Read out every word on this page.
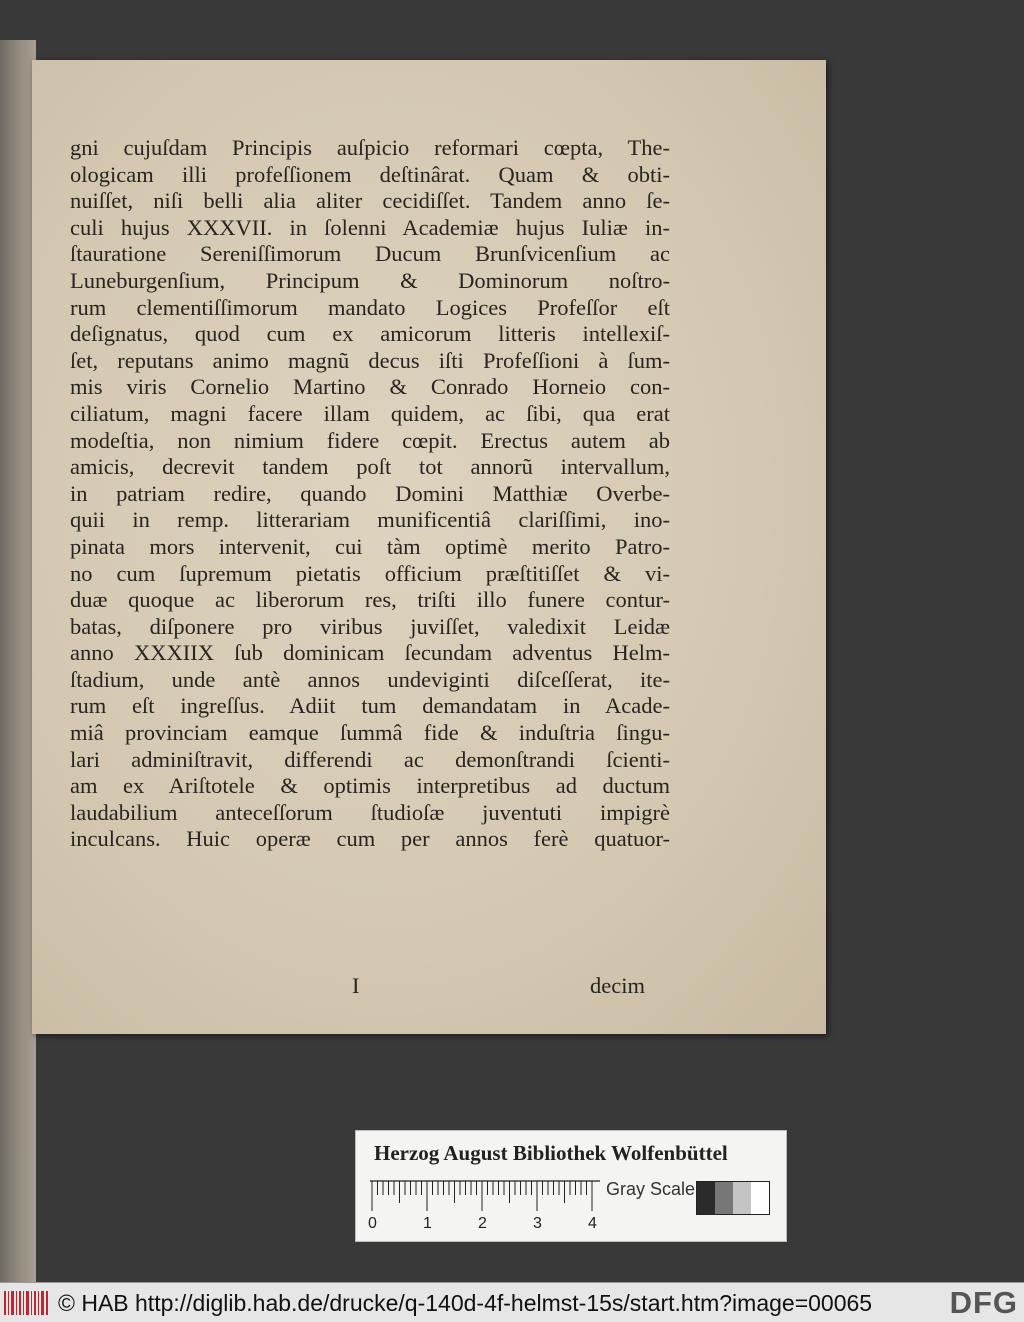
gni cujuſdam Principis auſpicio reformari cœpta, The-
ologicam illi profeſſionem deſtinârat. Quam & obti-
nuiſſet, niſi belli alia aliter cecidiſſet. Tandem anno ſe-
culi hujus XXXVII. in ſolenni Academiæ hujus Iuliæ in-
ſtauratione Sereniſſimorum Ducum Brunſvicenſium ac
Luneburgenſium, Principum & Dominorum noſtro-
rum clementiſſimorum mandato Logices Profeſſor eſt
deſignatus, quod cum ex amicorum litteris intellexiſ-
ſet, reputans animo magnũ decus iſti Profeſſioni à ſum-
mis viris Cornelio Martino & Conrado Horneio con-
ciliatum, magni facere illam quidem, ac ſibi, qua erat
modeſtia, non nimium fidere cœpit. Erectus autem ab
amicis, decrevit tandem poſt tot annorũ intervallum,
in patriam redire, quando Domini Matthiæ Overbe-
quii in remp. litterariam munificentiâ clariſſimi, ino-
pinata mors intervenit, cui tàm optimè merito Patro-
no cum ſupremum pietatis officium præſtitiſſet & vi-
duæ quoque ac liberorum res, triſti illo funere contur-
batas, diſponere pro viribus juviſſet, valedixit Leidæ
anno XXXIIX ſub dominicam ſecundam adventus Helm-
ſtadium, unde antè annos undeviginti diſceſſerat, ite-
rum eſt ingreſſus. Adiit tum demandatam in Acade-
miâ provinciam eamque ſummâ fide & induſtria ſingu-
lari adminiſtravit, differendi ac demonſtrandi ſcienti-
am ex Ariſtotele & optimis interpretibus ad ductum
laudabilium anteceſſorum ſtudioſæ juventuti impigrè
inculcans. Huic operæ cum per annos ferè quatuor-
I	decim
Herzog August Bibliothek Wolfenbüttel
0	1	2	3	4
Gray Scale
© HAB http://diglib.hab.de/drucke/q-140d-4f-helmst-15s/start.htm?image=00065 DFG
